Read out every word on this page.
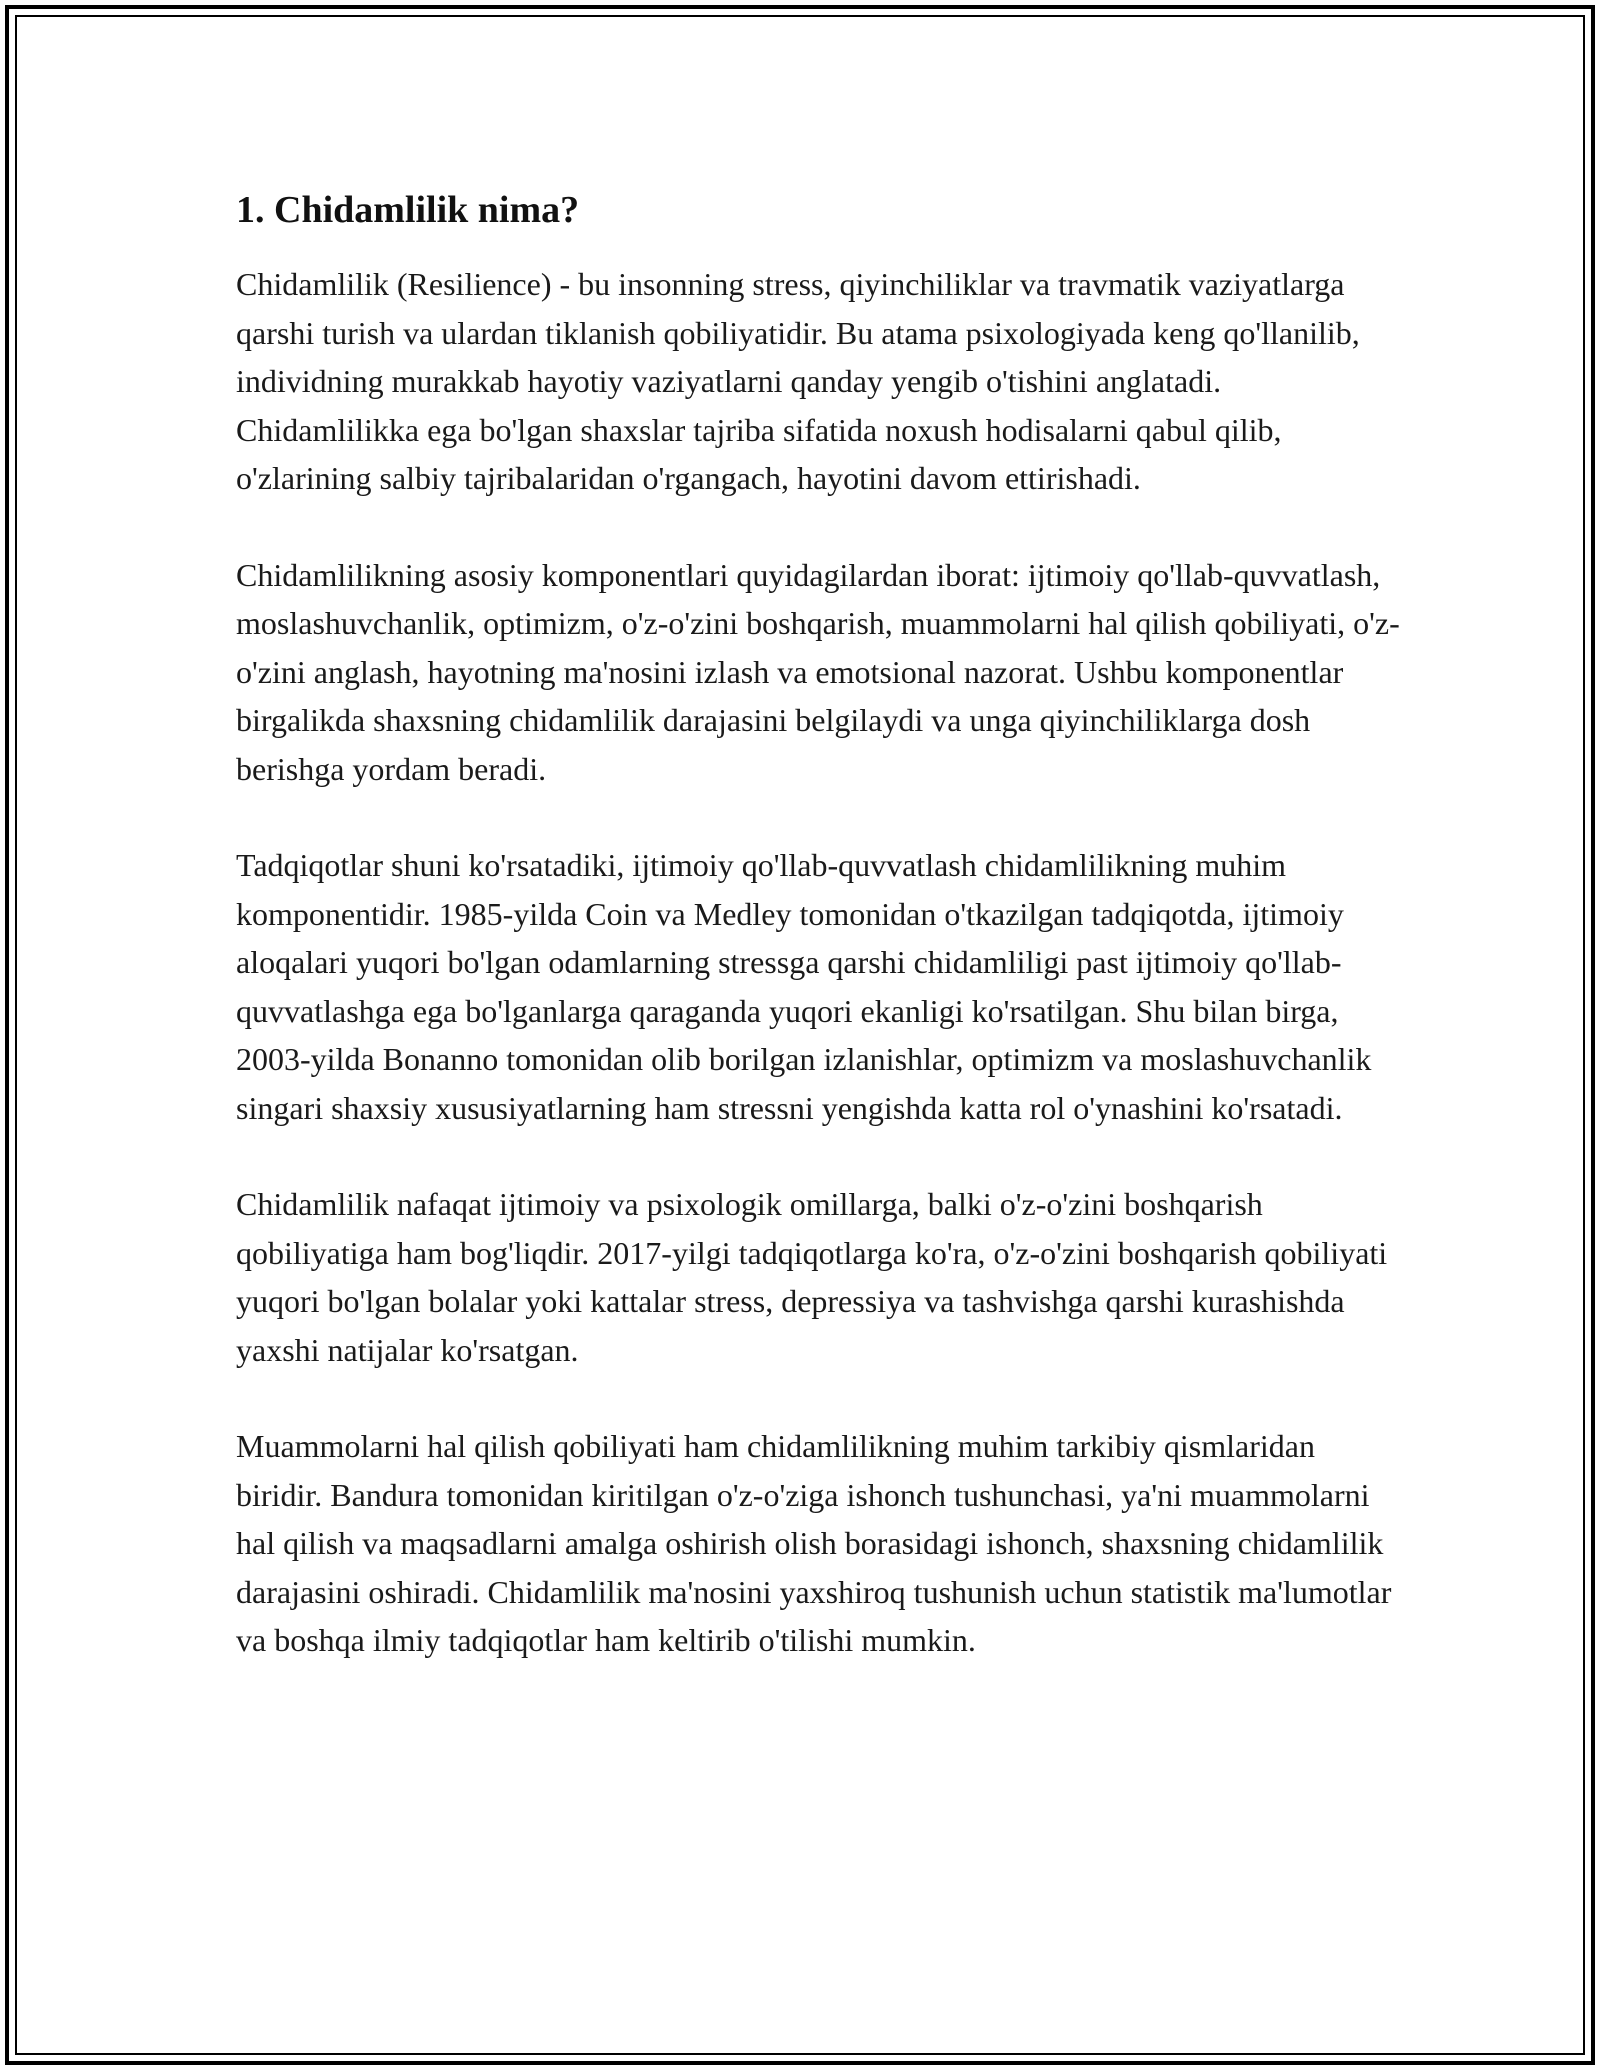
1. Chidamlilik nima?

Chidamlilik (Resilience) - bu insonning stress, qiyinchiliklar va travmatik vaziyatlarga qarshi turish va ulardan tiklanish qobiliyatidir. Bu atama psixologiyada keng qo'llanilib, individning murakkab hayotiy vaziyatlarni qanday yengib o'tishini anglatadi. Chidamlilikka ega bo'lgan shaxslar tajriba sifatida noxush hodisalarni qabul qilib, o'zlarining salbiy tajribalaridan o'rgangach, hayotini davom ettirishadi.

Chidamlilikning asosiy komponentlari quyidagilardan iborat: ijtimoiy qo'llab-quvvatlash, moslashuvchanlik, optimizm, o'z-o'zini boshqarish, muammolarni hal qilish qobiliyati, o'z-o'zini anglash, hayotning ma'nosini izlash va emotsional nazorat. Ushbu komponentlar birgalikda shaxsning chidamlilik darajasini belgilaydi va unga qiyinchiliklarga dosh berishga yordam beradi.

Tadqiqotlar shuni ko'rsatadiki, ijtimoiy qo'llab-quvvatlash chidamlilikning muhim komponentidir. 1985-yilda Coin va Medley tomonidan o'tkazilgan tadqiqotda, ijtimoiy aloqalari yuqori bo'lgan odamlarning stressga qarshi chidamliligi past ijtimoiy qo'llab-quvvatlashga ega bo'lganlarga qaraganda yuqori ekanligi ko'rsatilgan. Shu bilan birga, 2003-yilda Bonanno tomonidan olib borilgan izlanishlar, optimizm va moslashuvchanlik singari shaxsiy xususiyatlarning ham stressni yengishda katta rol o'ynashini ko'rsatadi.

Chidamlilik nafaqat ijtimoiy va psixologik omillarga, balki o'z-o'zini boshqarish qobiliyatiga ham bog'liqdir. 2017-yilgi tadqiqotlarga ko'ra, o'z-o'zini boshqarish qobiliyati yuqori bo'lgan bolalar yoki kattalar stress, depressiya va tashvishga qarshi kurashishda yaxshi natijalar ko'rsatgan.

Muammolarni hal qilish qobiliyati ham chidamlilikning muhim tarkibiy qismlaridan biridir. Bandura tomonidan kiritilgan o'z-o'ziga ishonch tushunchasi, ya'ni muammolarni hal qilish va maqsadlarni amalga oshirish olish borasidagi ishonch, shaxsning chidamlilik darajasini oshiradi. Chidamlilik ma'nosini yaxshiroq tushunish uchun statistik ma'lumotlar va boshqa ilmiy tadqiqotlar ham keltirib o'tilishi mumkin.
